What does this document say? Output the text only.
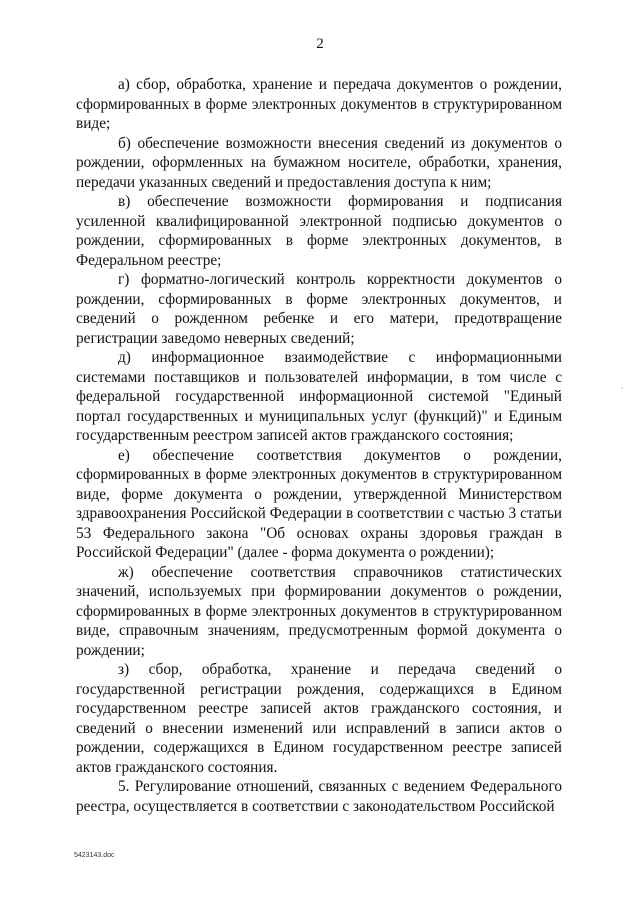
2

а) сбор, обработка, хранение и передача документов о рождении, сформированных в форме электронных документов в структурированном виде;

б) обеспечение возможности внесения сведений из документов о рождении, оформленных на бумажном носителе, обработки, хранения, передачи указанных сведений и предоставления доступа к ним;

в) обеспечение возможности формирования и подписания усиленной квалифицированной электронной подписью документов о рождении, сформированных в форме электронных документов, в Федеральном реестре;

г) форматно-логический контроль корректности документов о рождении, сформированных в форме электронных документов, и сведений о рожденном ребенке и его матери, предотвращение регистрации заведомо неверных сведений;

д) информационное взаимодействие с информационными системами поставщиков и пользователей информации, в том числе с федеральной государственной информационной системой "Единый портал государственных и муниципальных услуг (функций)" и Единым государственным реестром записей актов гражданского состояния;

е) обеспечение соответствия документов о рождении, сформированных в форме электронных документов в структурированном виде, форме документа о рождении, утвержденной Министерством здравоохранения Российской Федерации в соответствии с частью 3 статьи 53 Федерального закона "Об основах охраны здоровья граждан в Российской Федерации" (далее - форма документа о рождении);

ж) обеспечение соответствия справочников статистических значений, используемых при формировании документов о рождении, сформированных в форме электронных документов в структурированном виде, справочным значениям, предусмотренным формой документа о рождении;

з) сбор, обработка, хранение и передача сведений о государственной регистрации рождения, содержащихся в Едином государственном реестре записей актов гражданского состояния, и сведений о внесении изменений или исправлений в записи актов о рождении, содержащихся в Едином государственном реестре записей актов гражданского состояния.

5. Регулирование отношений, связанных с ведением Федерального реестра, осуществляется в соответствии с законодательством Российской

,
5423143.doc
